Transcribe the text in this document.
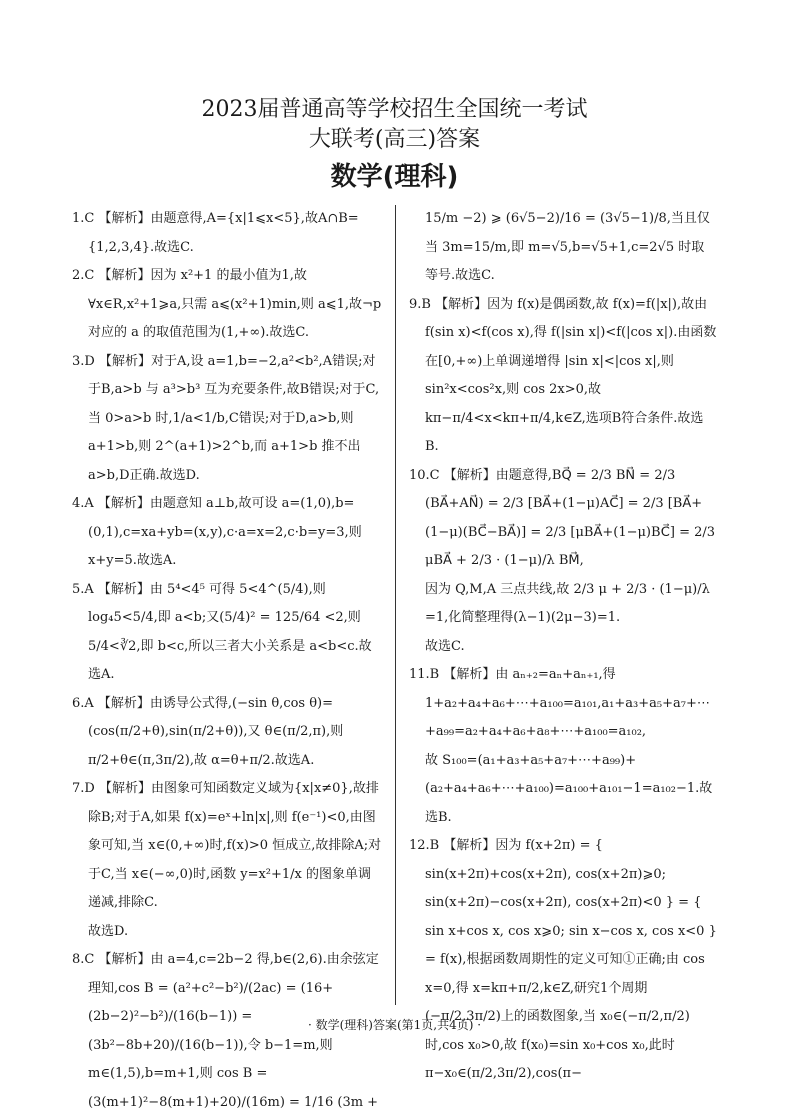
2023届普通高等学校招生全国统一考试
大联考(高三)答案
数学(理科)

1.C 【解析】由题意得,A={x|1⩽x<5},故A∩B={1,2,3,4}.故选C.

2.C 【解析】因为 x²+1 的最小值为1,故∀x∈R,x²+1⩾a,只需 a⩽(x²+1)min,则 a⩽1,故¬p 对应的 a 的取值范围为(1,+∞).故选C.

3.D 【解析】对于A,设 a=1,b=−2,a²<b²,A错误;对于B,a>b 与 a³>b³ 互为充要条件,故B错误;对于C,当 0>a>b 时,1/a<1/b,C错误;对于D,a>b,则 a+1>b,则 2^(a+1)>2^b,而 a+1>b 推不出 a>b,D正确.故选D.

4.A 【解析】由题意知 a⊥b,故可设 a=(1,0),b=(0,1),c=xa+yb=(x,y),c·a=x=2,c·b=y=3,则 x+y=5.故选A.

5.A 【解析】由 5⁴<4⁵ 可得 5<4^(5/4),则 log₄5<5/4,即 a<b;又(5/4)² = 125/64 <2,则 5/4<∛2,即 b<c,所以三者大小关系是 a<b<c.故选A.

6.A 【解析】由诱导公式得,(−sin θ,cos θ)=(cos(π/2+θ),sin(π/2+θ)),又 θ∈(π/2,π),则 π/2+θ∈(π,3π/2),故 α=θ+π/2.故选A.

7.D 【解析】由图象可知函数定义域为{x|x≠0},故排除B;对于A,如果 f(x)=eˣ+ln|x|,则 f(e⁻¹)<0,由图象可知,当 x∈(0,+∞)时,f(x)>0 恒成立,故排除A;对于C,当 x∈(−∞,0)时,函数 y=x²+1/x 的图象单调递减,排除C.

故选D.

8.C 【解析】由 a=4,c=2b−2 得,b∈(2,6).由余弦定理知,cos B = (a²+c²−b²)/(2ac) = (16+(2b−2)²−b²)/(16(b−1)) = (3b²−8b+20)/(16(b−1)),令 b−1=m,则 m∈(1,5),b=m+1,则 cos B = (3(m+1)²−8(m+1)+20)/(16m) = 1/16 (3m +

15/m −2) ⩾ (6√5−2)/16 = (3√5−1)/8,当且仅当 3m=15/m,即 m=√5,b=√5+1,c=2√5 时取等号.故选C.

9.B 【解析】因为 f(x)是偶函数,故 f(x)=f(|x|),故由 f(sin x)<f(cos x),得 f(|sin x|)<f(|cos x|).由函数在[0,+∞)上单调递增得 |sin x|<|cos x|,则 sin²x<cos²x,则 cos 2x>0,故 kπ−π/4<x<kπ+π/4,k∈Z,选项B符合条件.故选B.

10.C 【解析】由题意得,BQ⃗ = 2/3 BN⃗ = 2/3 (BA⃗+AN⃗) = 2/3 [BA⃗+(1−μ)AC⃗] = 2/3 [BA⃗+(1−μ)(BC⃗−BA⃗)] = 2/3 [μBA⃗+(1−μ)BC⃗] = 2/3 μBA⃗ + 2/3 · (1−μ)/λ BM⃗,

因为 Q,M,A 三点共线,故 2/3 μ + 2/3 · (1−μ)/λ =1,化简整理得(λ−1)(2μ−3)=1.

故选C.

11.B 【解析】由 aₙ₊₂=aₙ+aₙ₊₁,得 1+a₂+a₄+a₆+⋯+a₁₀₀=a₁₀₁,a₁+a₃+a₅+a₇+⋯+a₉₉=a₂+a₄+a₆+a₈+⋯+a₁₀₀=a₁₀₂,

故 S₁₀₀=(a₁+a₃+a₅+a₇+⋯+a₉₉)+(a₂+a₄+a₆+⋯+a₁₀₀)=a₁₀₀+a₁₀₁−1=a₁₀₂−1.故选B.

12.B 【解析】因为 f(x+2π) = { sin(x+2π)+cos(x+2π), cos(x+2π)⩾0; sin(x+2π)−cos(x+2π), cos(x+2π)<0 } = { sin x+cos x, cos x⩾0; sin x−cos x, cos x<0 } = f(x),根据函数周期性的定义可知①正确;由 cos x=0,得 x=kπ+π/2,k∈Z,研究1个周期(−π/2,3π/2)上的函数图象,当 x₀∈(−π/2,π/2)时,cos x₀>0,故 f(x₀)=sin x₀+cos x₀,此时 π−x₀∈(π/2,3π/2),cos(π−

· 数学(理科)答案(第1页,共4页) ·
